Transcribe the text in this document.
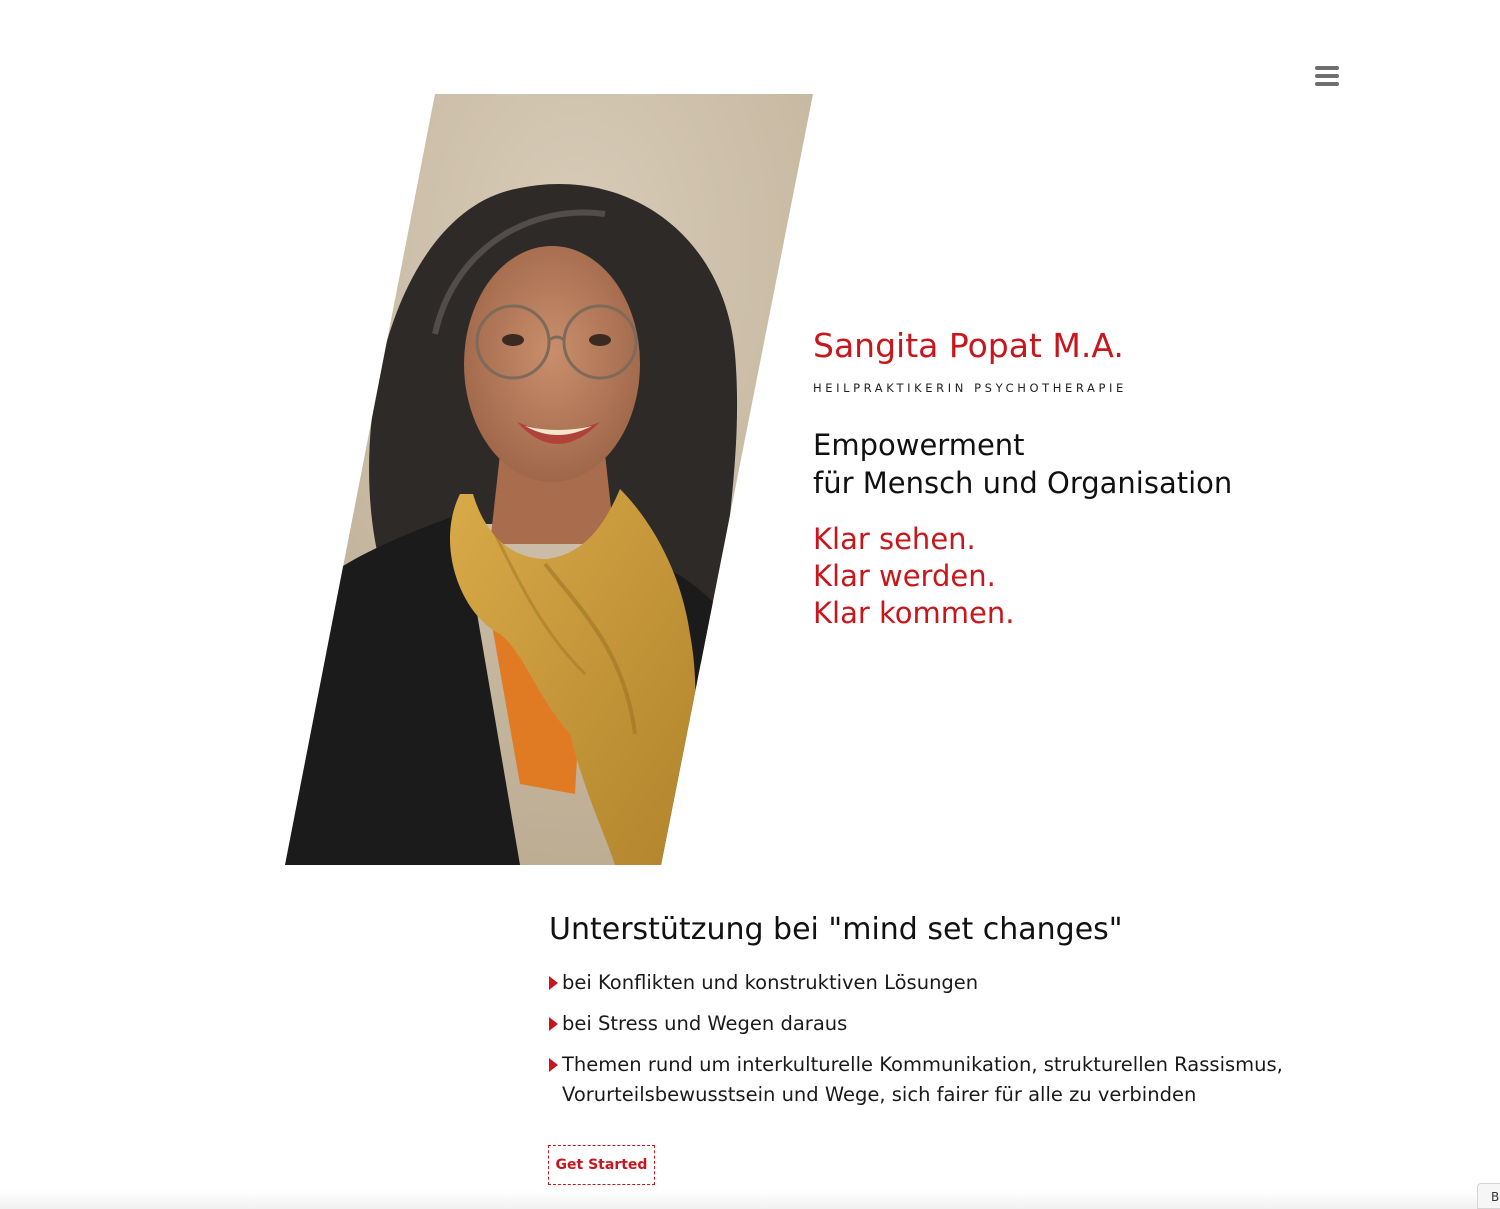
Sangita Popat M.A.
HEILPRAKTIKERIN PSYCHOTHERAPIE
Empowerment
für Mensch und Organisation
Klar sehen.
Klar werden.
Klar kommen.
Unterstützung bei "mind set changes"
bei Konflikten und konstruktiven Lösungen
bei Stress und Wegen daraus
Themen rund um interkulturelle Kommunikation, strukturellen Rassismus, Vorurteilsbewusstsein und Wege, sich fairer für alle zu verbinden
Get Started
B
